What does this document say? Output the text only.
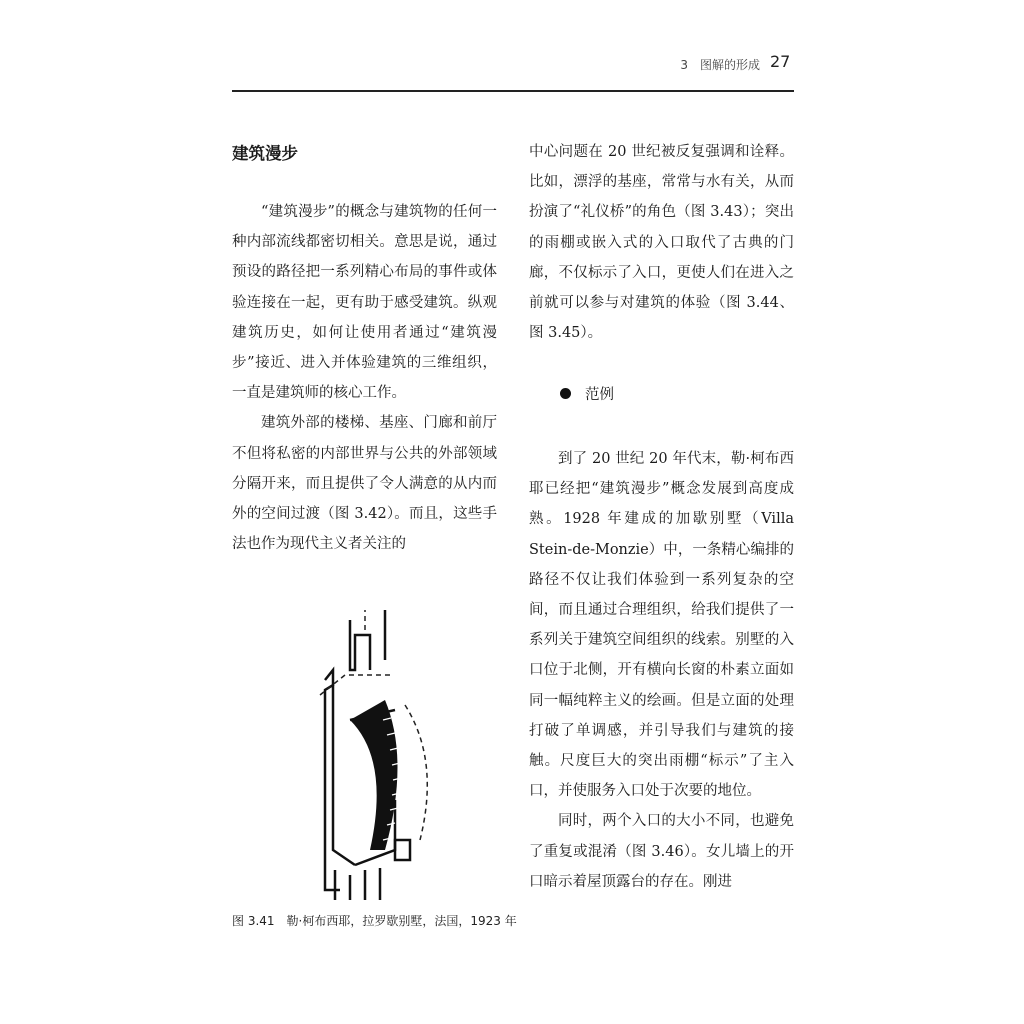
3　图解的形成 27
建筑漫步

“建筑漫步”的概念与建筑物的任何一种内部流线都密切相关。意思是说，通过预设的路径把一系列精心布局的事件或体验连接在一起，更有助于感受建筑。纵观建筑历史，如何让使用者通过“建筑漫步”接近、进入并体验建筑的三维组织，一直是建筑师的核心工作。

建筑外部的楼梯、基座、门廊和前厅不但将私密的内部世界与公共的外部领域分隔开来，而且提供了令人满意的从内而外的空间过渡（图 3.42）。而且，这些手法也作为现代主义者关注的

图 3.41　勒·柯布西耶，拉罗歇别墅，法国，1923 年

中心问题在 20 世纪被反复强调和诠释。比如，漂浮的基座，常常与水有关，从而扮演了“礼仪桥”的角色（图 3.43）；突出的雨棚或嵌入式的入口取代了古典的门廊，不仅标示了入口，更使人们在进入之前就可以参与对建筑的体验（图 3.44、图 3.45）。

范例

到了 20 世纪 20 年代末，勒·柯布西耶已经把“建筑漫步”概念发展到高度成熟。1928 年建成的加歇别墅（Villa Stein-de-Monzie）中，一条精心编排的路径不仅让我们体验到一系列复杂的空间，而且通过合理组织，给我们提供了一系列关于建筑空间组织的线索。别墅的入口位于北侧，开有横向长窗的朴素立面如同一幅纯粹主义的绘画。但是立面的处理打破了单调感，并引导我们与建筑的接触。尺度巨大的突出雨棚“标示”了主入口，并使服务入口处于次要的地位。

同时，两个入口的大小不同，也避免了重复或混淆（图 3.46）。女儿墙上的开口暗示着屋顶露台的存在。刚进
